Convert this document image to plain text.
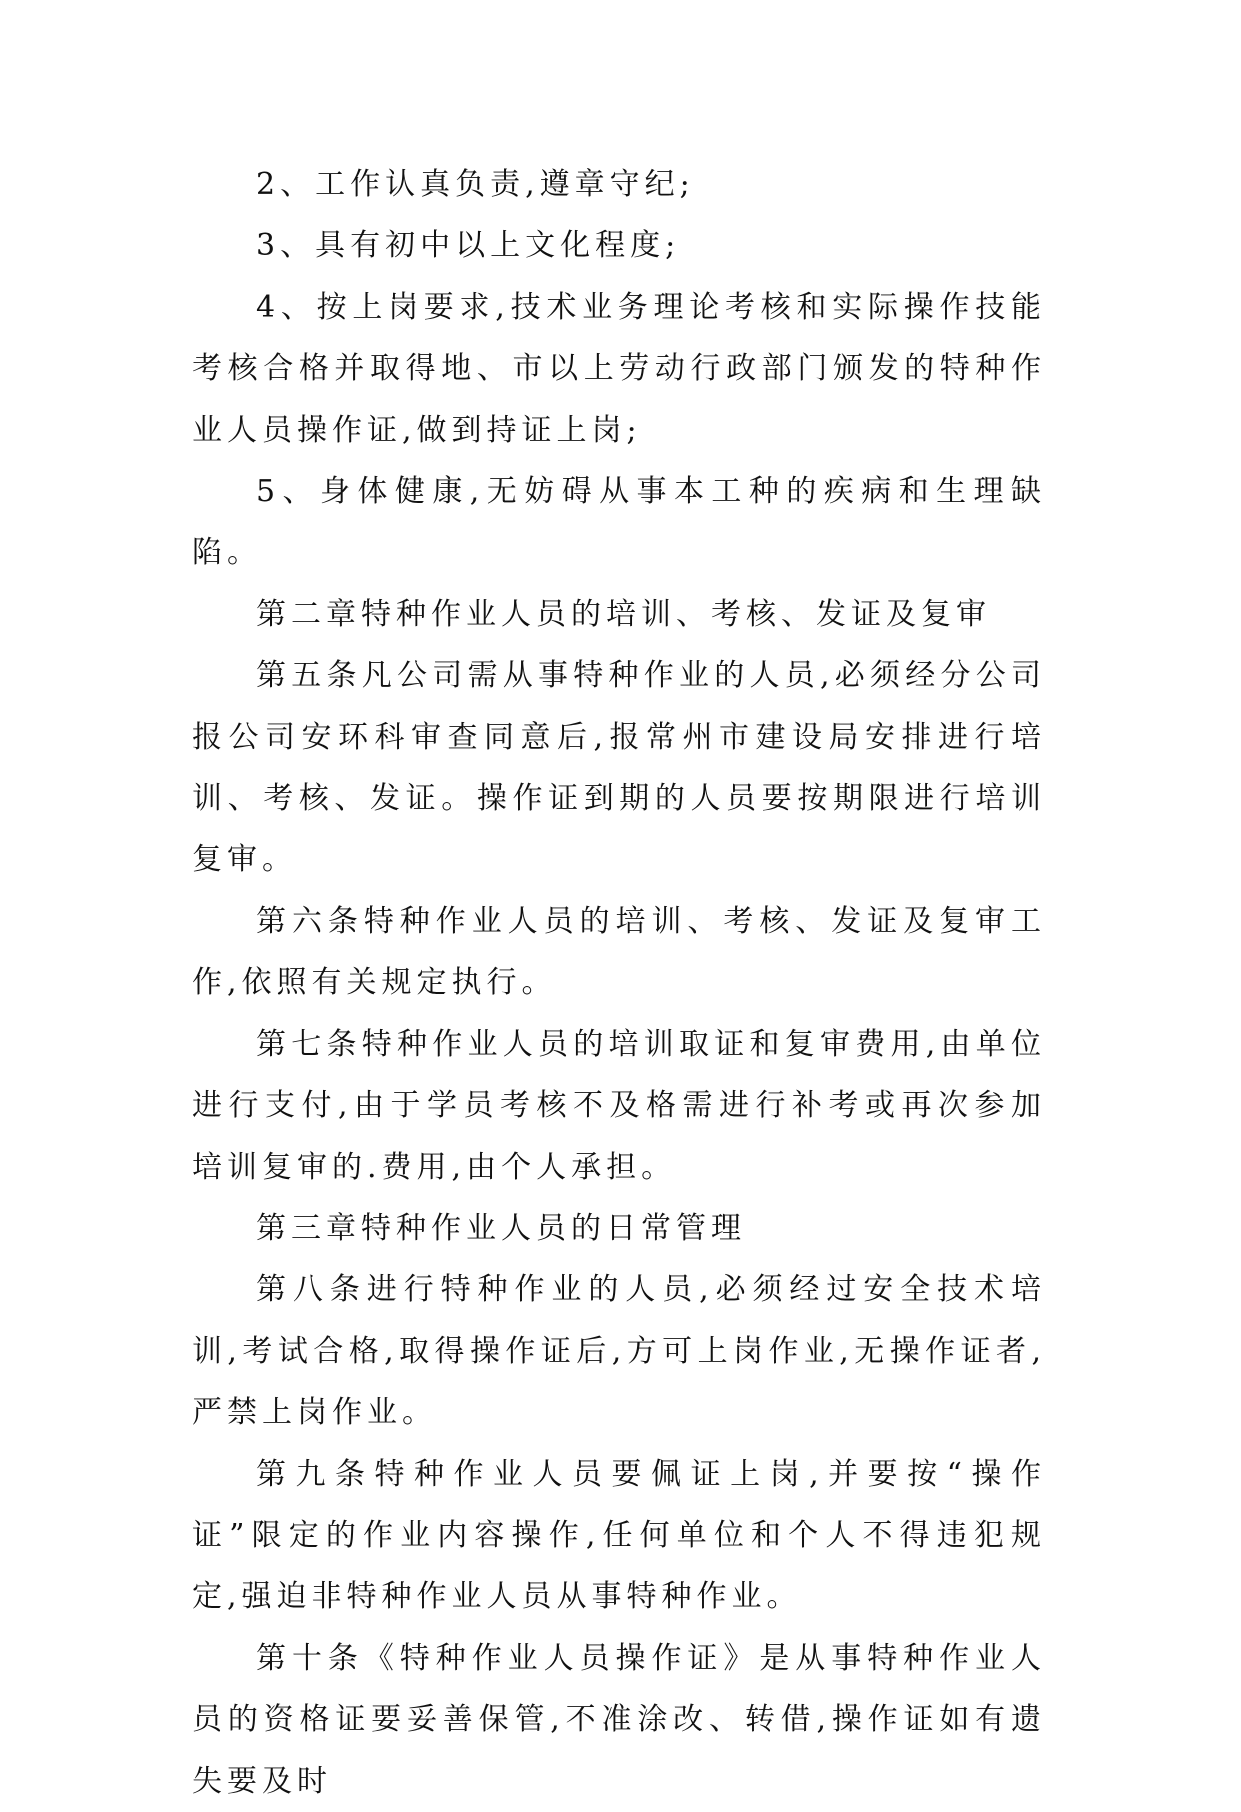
2、工作认真负责,遵章守纪;

3、具有初中以上文化程度;

4、按上岗要求,技术业务理论考核和实际操作技能考核合格并取得地、市以上劳动行政部门颁发的特种作业人员操作证,做到持证上岗;

5、身体健康,无妨碍从事本工种的疾病和生理缺陷。

第二章特种作业人员的培训、考核、发证及复审

第五条凡公司需从事特种作业的人员,必须经分公司报公司安环科审查同意后,报常州市建设局安排进行培训、考核、发证。操作证到期的人员要按期限进行培训复审。

第六条特种作业人员的培训、考核、发证及复审工作,依照有关规定执行。

第七条特种作业人员的培训取证和复审费用,由单位进行支付,由于学员考核不及格需进行补考或再次参加培训复审的.费用,由个人承担。

第三章特种作业人员的日常管理

第八条进行特种作业的人员,必须经过安全技术培训,考试合格,取得操作证后,方可上岗作业,无操作证者,严禁上岗作业。

第九条特种作业人员要佩证上岗,并要按“操作证”限定的作业内容操作,任何单位和个人不得违犯规定,强迫非特种作业人员从事特种作业。

第十条《特种作业人员操作证》是从事特种作业人员的资格证要妥善保管,不准涂改、转借,操作证如有遗失要及时
